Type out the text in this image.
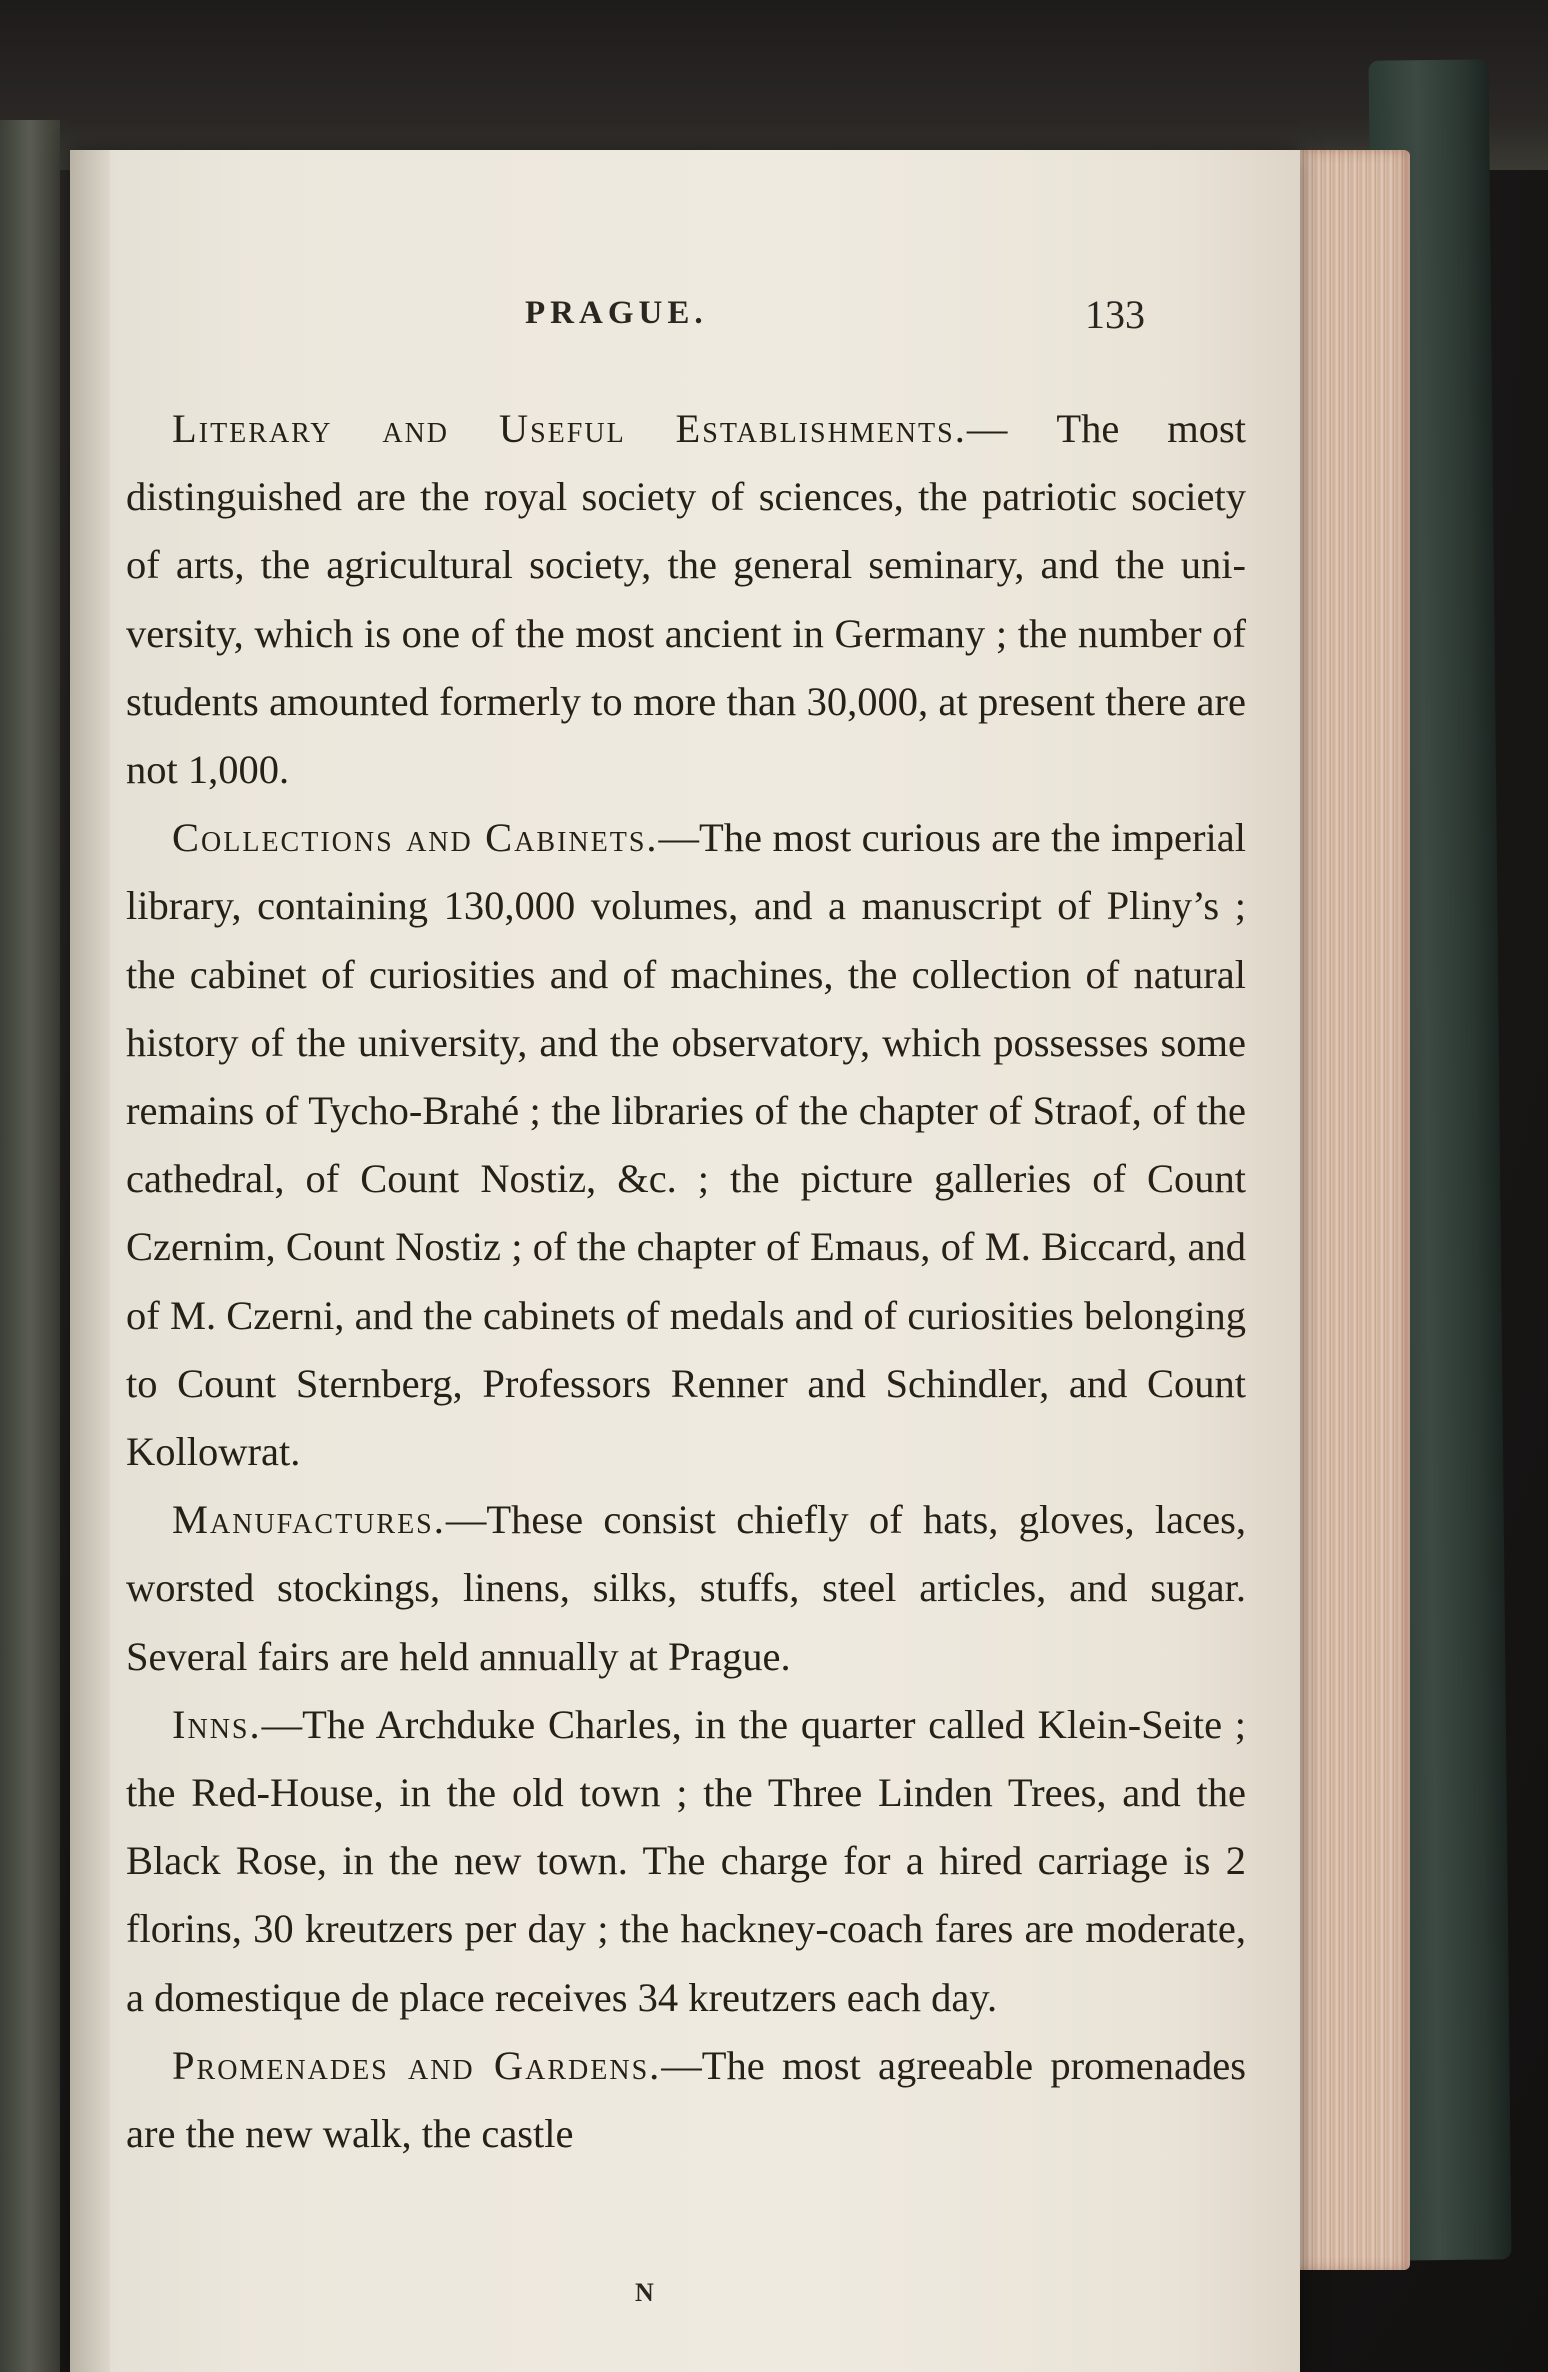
PRAGUE.	133

Literary and Useful Establishments.— The most distinguished are the royal society of sciences, the patriotic society of arts, the agricultural society, the general seminary, and the university, which is one of the most ancient in Germany ; the number of students amounted formerly to more than 30,000, at present there are not 1,000.

Collections and Cabinets.—The most curious are the imperial library, containing 130,000 volumes, and a manuscript of Pliny’s ; the cabinet of curiosities and of machines, the collection of natural history of the university, and the observatory, which possesses some remains of Tycho-Brahé ; the libraries of the chapter of Straof, of the cathedral, of Count Nostiz, &c. ; the picture galleries of Count Czernim, Count Nostiz ; of the chapter of Emaus, of M. Biccard, and of M. Czerni, and the cabinets of medals and of curiosities belonging to Count Sternberg, Professors Renner and Schindler, and Count Kollowrat.

Manufactures.—These consist chiefly of hats, gloves, laces, worsted stockings, linens, silks, stuffs, steel articles, and sugar. Several fairs are held annually at Prague.

Inns.—The Archduke Charles, in the quarter called Klein-Seite ; the Red-House, in the old town ; the Three Linden Trees, and the Black Rose, in the new town. The charge for a hired carriage is 2 florins, 30 kreutzers per day ; the hackney-coach fares are moderate, a domestique de place receives 34 kreutzers each day.

Promenades and Gardens.—The most agreeable promenades are the new walk, the castle

N
